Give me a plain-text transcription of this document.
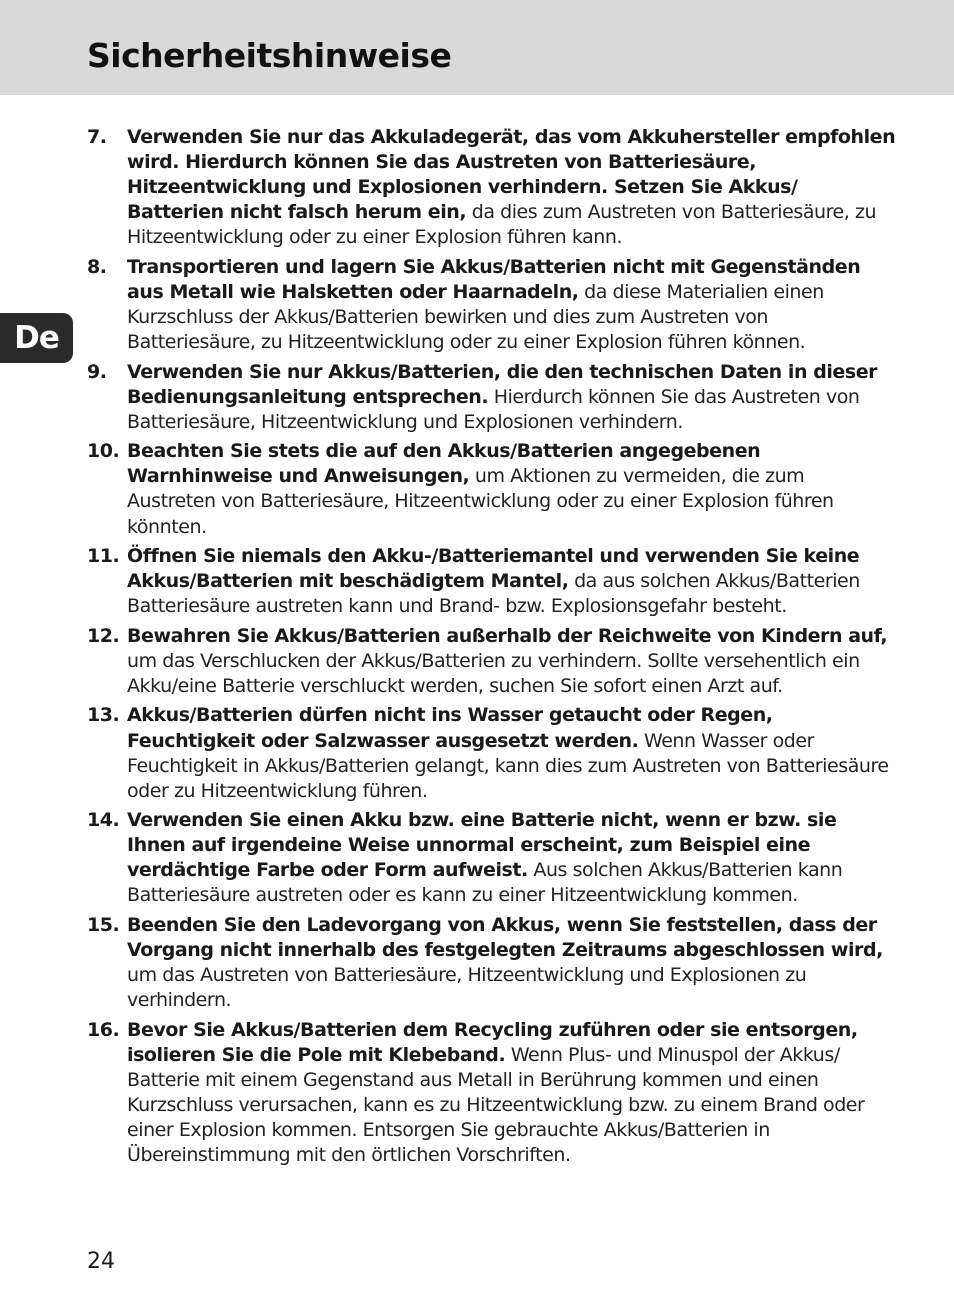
Sicherheitshinweise
De
7. Verwenden Sie nur das Akkuladegerät, das vom Akkuhersteller empfohlen wird. Hierdurch können Sie das Austreten von Batteriesäure, Hitzeentwicklung und Explosionen verhindern. Setzen Sie Akkus/ Batterien nicht falsch herum ein, da dies zum Austreten von Batteriesäure, zu Hitzeentwicklung oder zu einer Explosion führen kann.
8. Transportieren und lagern Sie Akkus/Batterien nicht mit Gegenständen aus Metall wie Halsketten oder Haarnadeln, da diese Materialien einen Kurzschluss der Akkus/Batterien bewirken und dies zum Austreten von Batteriesäure, zu Hitzeentwicklung oder zu einer Explosion führen können.
9. Verwenden Sie nur Akkus/Batterien, die den technischen Daten in dieser Bedienungsanleitung entsprechen. Hierdurch können Sie das Austreten von Batteriesäure, Hitzeentwicklung und Explosionen verhindern.
10. Beachten Sie stets die auf den Akkus/Batterien angegebenen Warnhinweise und Anweisungen, um Aktionen zu vermeiden, die zum Austreten von Batteriesäure, Hitzeentwicklung oder zu einer Explosion führen könnten.
11. Öffnen Sie niemals den Akku-/Batteriemantel und verwenden Sie keine Akkus/Batterien mit beschädigtem Mantel, da aus solchen Akkus/Batterien Batteriesäure austreten kann und Brand- bzw. Explosionsgefahr besteht.
12. Bewahren Sie Akkus/Batterien außerhalb der Reichweite von Kindern auf, um das Verschlucken der Akkus/Batterien zu verhindern. Sollte versehentlich ein Akku/eine Batterie verschluckt werden, suchen Sie sofort einen Arzt auf.
13. Akkus/Batterien dürfen nicht ins Wasser getaucht oder Regen, Feuchtigkeit oder Salzwasser ausgesetzt werden. Wenn Wasser oder Feuchtigkeit in Akkus/Batterien gelangt, kann dies zum Austreten von Batteriesäure oder zu Hitzeentwicklung führen.
14. Verwenden Sie einen Akku bzw. eine Batterie nicht, wenn er bzw. sie Ihnen auf irgendeine Weise unnormal erscheint, zum Beispiel eine verdächtige Farbe oder Form aufweist. Aus solchen Akkus/Batterien kann Batteriesäure austreten oder es kann zu einer Hitzeentwicklung kommen.
15. Beenden Sie den Ladevorgang von Akkus, wenn Sie feststellen, dass der Vorgang nicht innerhalb des festgelegten Zeitraums abgeschlossen wird, um das Austreten von Batteriesäure, Hitzeentwicklung und Explosionen zu verhindern.
16. Bevor Sie Akkus/Batterien dem Recycling zuführen oder sie entsorgen, isolieren Sie die Pole mit Klebeband. Wenn Plus- und Minuspol der Akkus/ Batterie mit einem Gegenstand aus Metall in Berührung kommen und einen Kurzschluss verursachen, kann es zu Hitzeentwicklung bzw. zu einem Brand oder einer Explosion kommen. Entsorgen Sie gebrauchte Akkus/Batterien in Übereinstimmung mit den örtlichen Vorschriften.
24
